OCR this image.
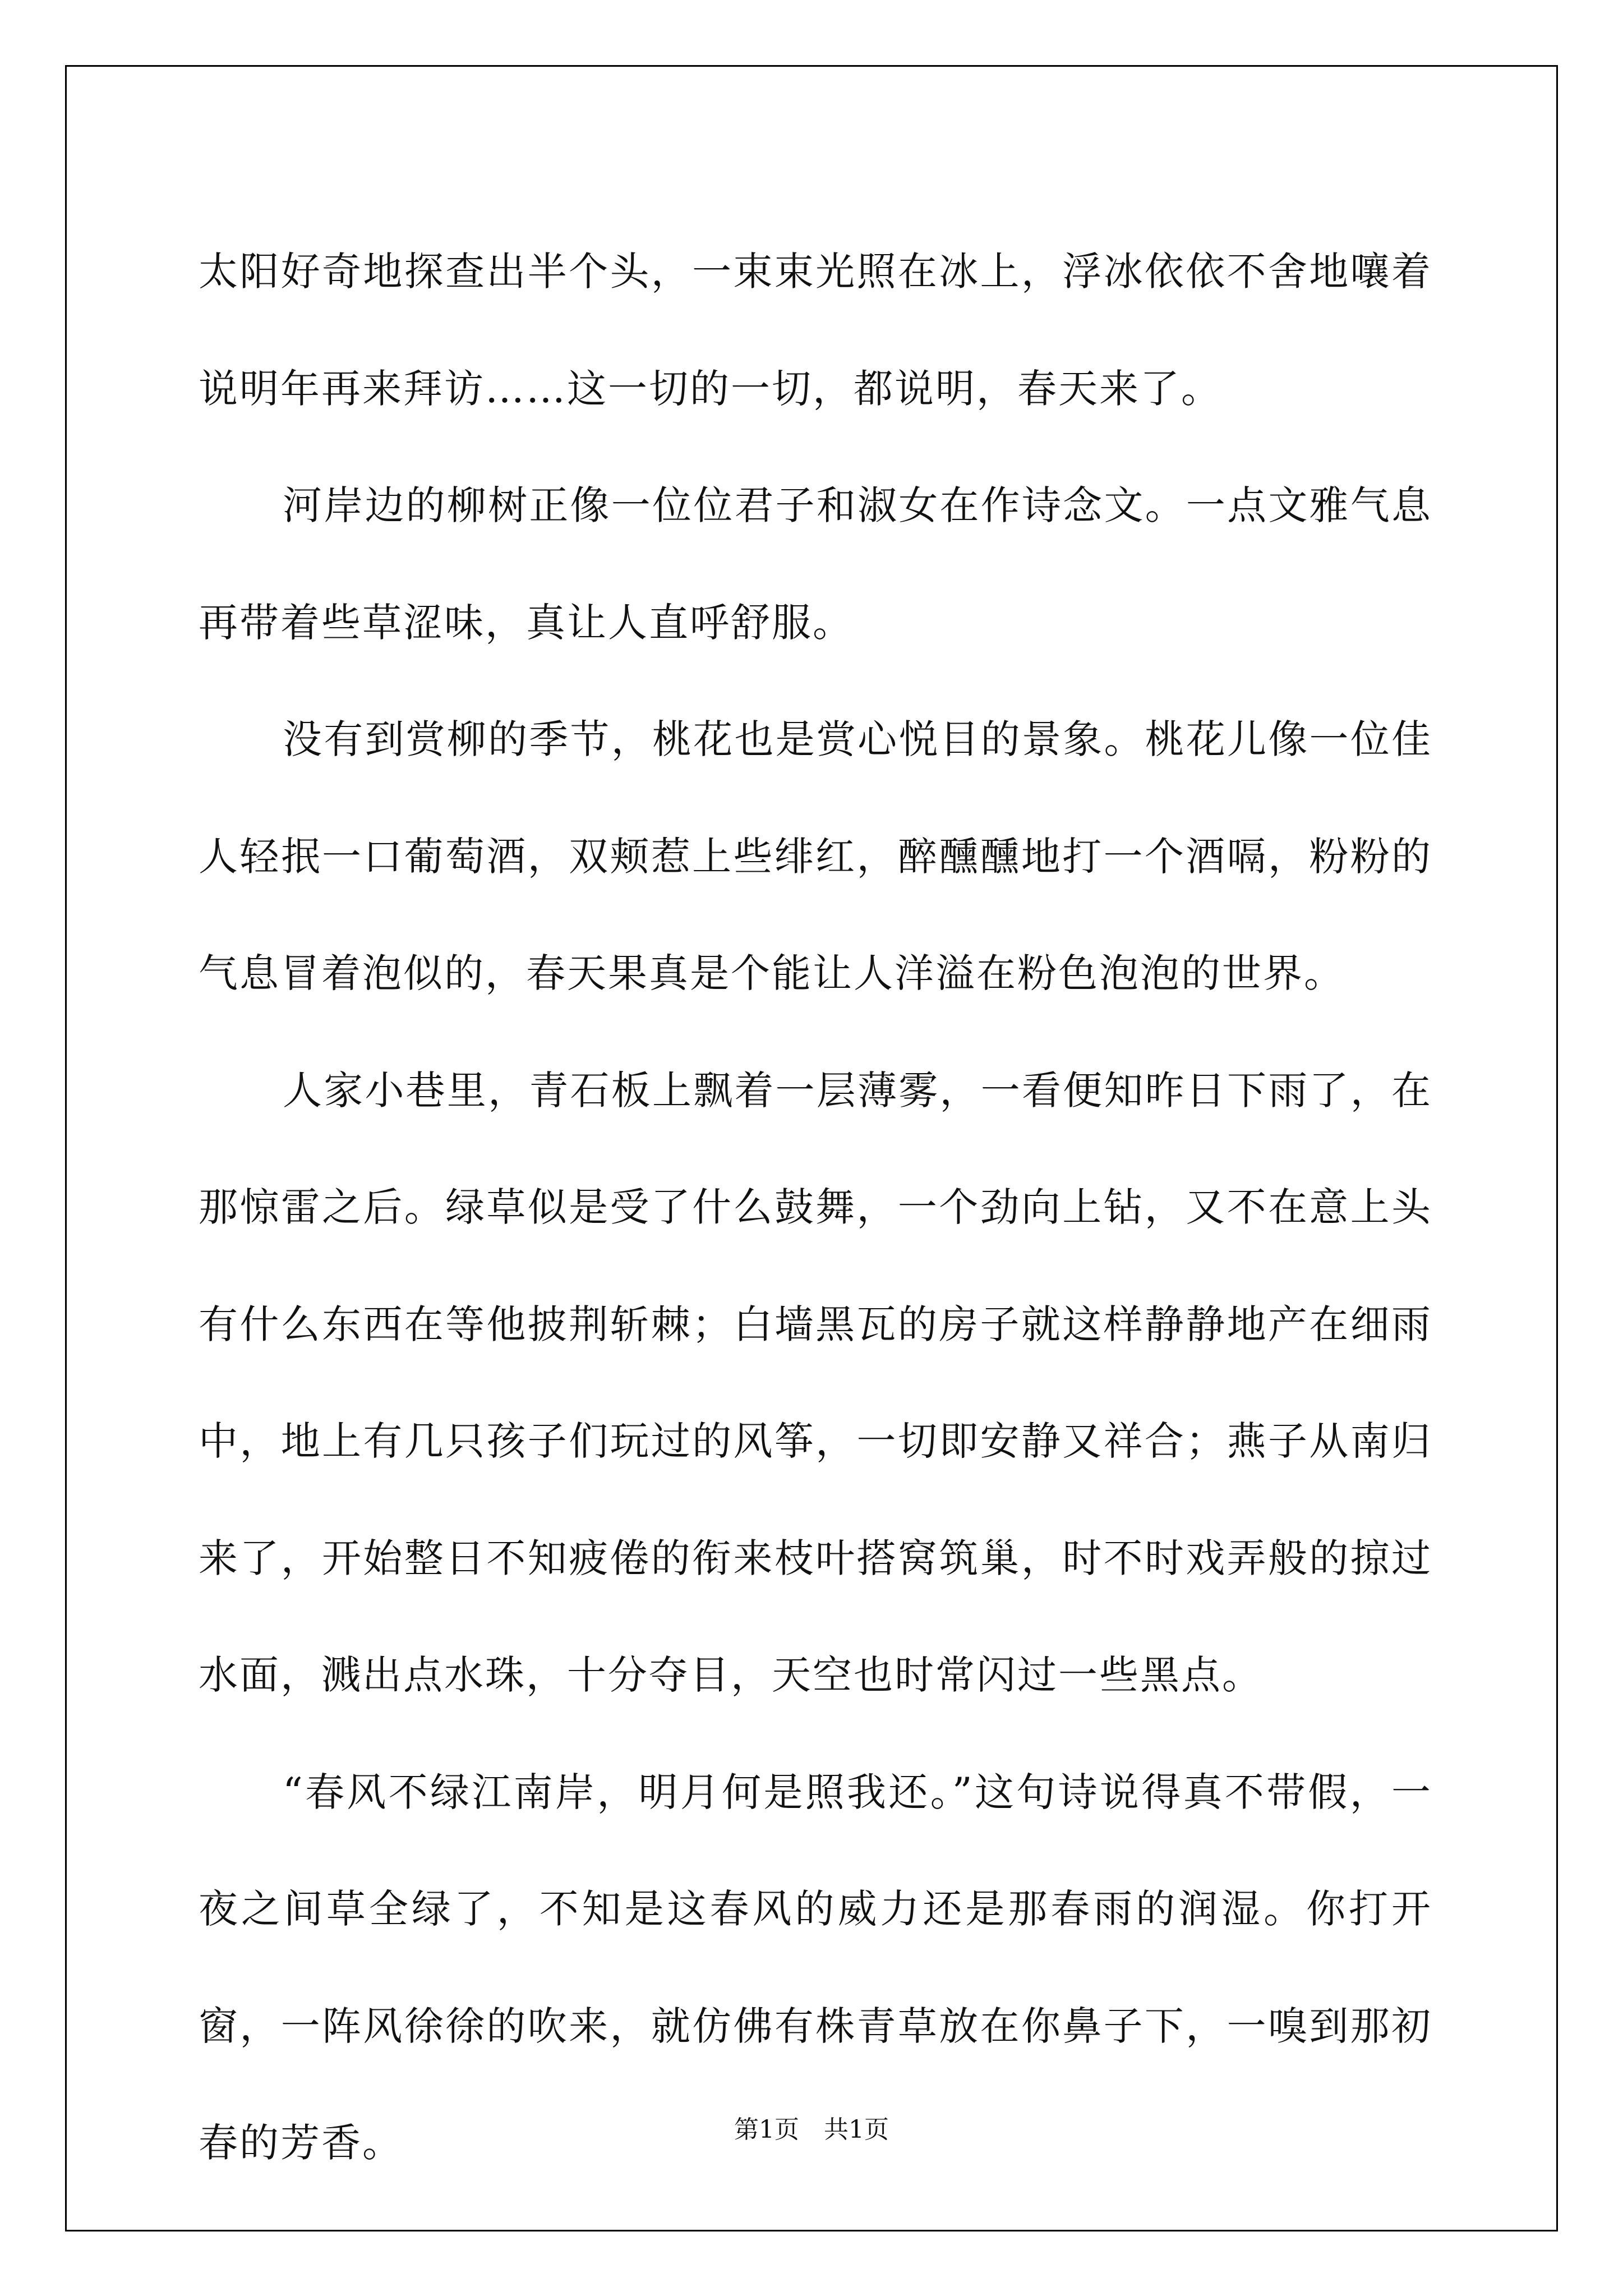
太阳好奇地探查出半个头，一束束光照在冰上，浮冰依依不舍地嚷着说明年再来拜访……这一切的一切，都说明，春天来了。

河岸边的柳树正像一位位君子和淑女在作诗念文。一点文雅气息再带着些草涩味，真让人直呼舒服。

没有到赏柳的季节，桃花也是赏心悦目的景象。桃花儿像一位佳人轻抿一口葡萄酒，双颊惹上些绯红，醉醺醺地打一个酒嗝，粉粉的气息冒着泡似的，春天果真是个能让人洋溢在粉色泡泡的世界。

人家小巷里，青石板上飘着一层薄雾，一看便知昨日下雨了，在那惊雷之后。绿草似是受了什么鼓舞，一个劲向上钻，又不在意上头有什么东西在等他披荆斩棘；白墙黑瓦的房子就这样静静地产在细雨中，地上有几只孩子们玩过的风筝，一切即安静又祥合；燕子从南归来了，开始整日不知疲倦的衔来枝叶搭窝筑巢，时不时戏弄般的掠过水面，溅出点水珠，十分夺目，天空也时常闪过一些黑点。

“春风不绿江南岸，明月何是照我还。”这句诗说得真不带假，一夜之间草全绿了，不知是这春风的威力还是那春雨的润湿。你打开窗，一阵风徐徐的吹来，就仿佛有株青草放在你鼻子下，一嗅到那初春的芳香。	第1页　共1页
